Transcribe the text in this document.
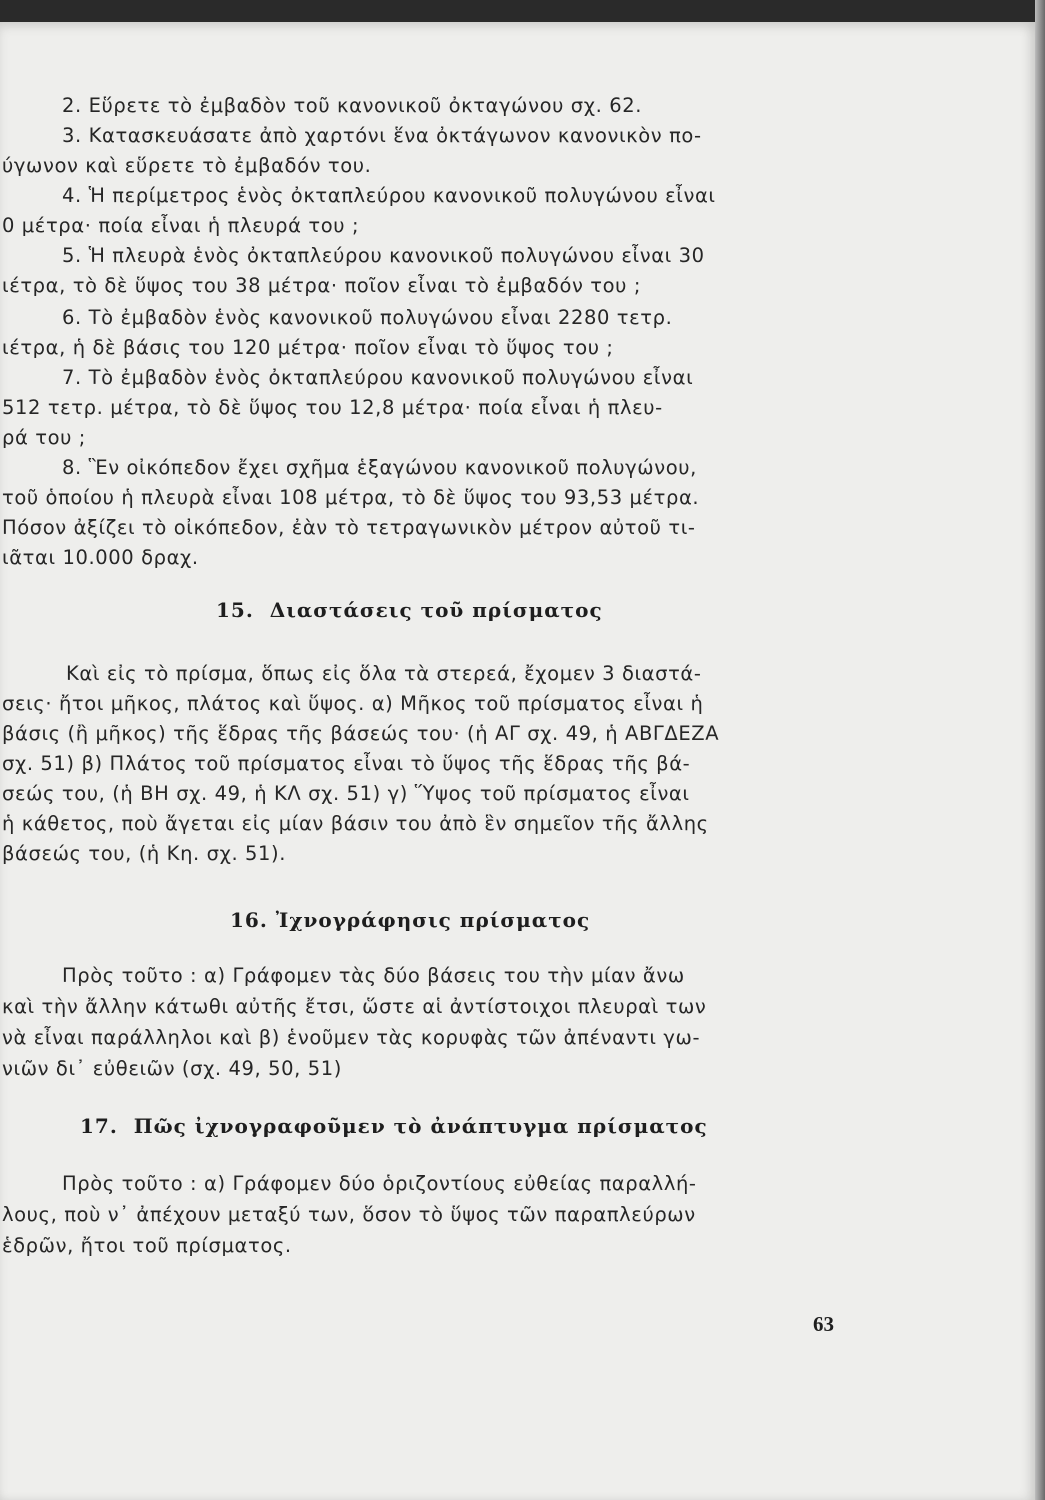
2. Εὕρετε τὸ ἐμβαδὸν τοῦ κανονικοῦ ὀκταγώνου σχ. 62.
3. Κατασκευάσατε ἀπὸ χαρτόνι ἕνα ὀκτάγωνον κανονικὸν πο-
ύγωνον καὶ εὕρετε τὸ ἐμβαδόν του.
4. Ἡ περίμετρος ἑνὸς ὀκταπλεύρου κανονικοῦ πολυγώνου εἶναι
0 μέτρα· ποία εἶναι ἡ πλευρά του ;
5. Ἡ πλευρὰ ἑνὸς ὀκταπλεύρου κανονικοῦ πολυγώνου εἶναι 30
ιέτρα, τὸ δὲ ὕψος του 38 μέτρα· ποῖον εἶναι τὸ ἐμβαδόν του ;
6. Τὸ ἐμβαδὸν ἑνὸς κανονικοῦ πολυγώνου εἶναι 2280 τετρ.
ιέτρα, ἡ δὲ βάσις του 120 μέτρα· ποῖον εἶναι τὸ ὕψος του ;
7. Τὸ ἐμβαδὸν ἑνὸς ὀκταπλεύρου κανονικοῦ πολυγώνου εἶναι
512 τετρ. μέτρα, τὸ δὲ ὕψος του 12,8 μέτρα· ποία εἶναι ἡ πλευ-
ρά του ;
8. Ἓν οἰκόπεδον ἔχει σχῆμα ἑξαγώνου κανονικοῦ πολυγώνου,
τοῦ ὁποίου ἡ πλευρὰ εἶναι 108 μέτρα, τὸ δὲ ὕψος του 93,53 μέτρα.
Πόσον ἀξίζει τὸ οἰκόπεδον, ἐὰν τὸ τετραγωνικὸν μέτρον αὐτοῦ τι-
ιᾶται 10.000 δραχ.
15.  Διαστάσεις τοῦ πρίσματος
Καὶ εἰς τὸ πρίσμα, ὅπως εἰς ὅλα τὰ στερεά, ἔχομεν 3 διαστά-
σεις· ἤτοι μῆκος, πλάτος καὶ ὕψος. α) Μῆκος τοῦ πρίσματος εἶναι ἡ
βάσις (ἢ μῆκος) τῆς ἕδρας τῆς βάσεώς του· (ἡ ΑΓ σχ. 49, ἡ ΑΒΓΔΕΖΑ
σχ. 51) β) Πλάτος τοῦ πρίσματος εἶναι τὸ ὕψος τῆς ἕδρας τῆς βά-
σεώς του, (ἡ ΒΗ σχ. 49, ἡ ΚΛ σχ. 51) γ) Ὕψος τοῦ πρίσματος εἶναι
ἡ κάθετος, ποὺ ἄγεται εἰς μίαν βάσιν του ἀπὸ ἓν σημεῖον τῆς ἄλλης
βάσεώς του, (ἡ Κη. σχ. 51).
16. Ἰχνογράφησις πρίσματος
Πρὸς τοῦτο : α) Γράφομεν τὰς δύο βάσεις του τὴν μίαν ἄνω
καὶ τὴν ἄλλην κάτωθι αὐτῆς ἔτσι, ὥστε αἱ ἀντίστοιχοι πλευραὶ των
νὰ εἶναι παράλληλοι καὶ β) ἑνοῦμεν τὰς κορυφὰς τῶν ἀπέναντι γω-
νιῶν δι᾽ εὐθειῶν (σχ. 49, 50, 51)
17.  Πῶς ἰχνογραφοῦμεν τὸ ἀνάπτυγμα πρίσματος
Πρὸς τοῦτο : α) Γράφομεν δύο ὁριζοντίους εὐθείας παραλλή-
λους, ποὺ ν᾽ ἀπέχουν μεταξύ των, ὅσον τὸ ὕψος τῶν παραπλεύρων
ἑδρῶν, ἤτοι τοῦ πρίσματος.
63
